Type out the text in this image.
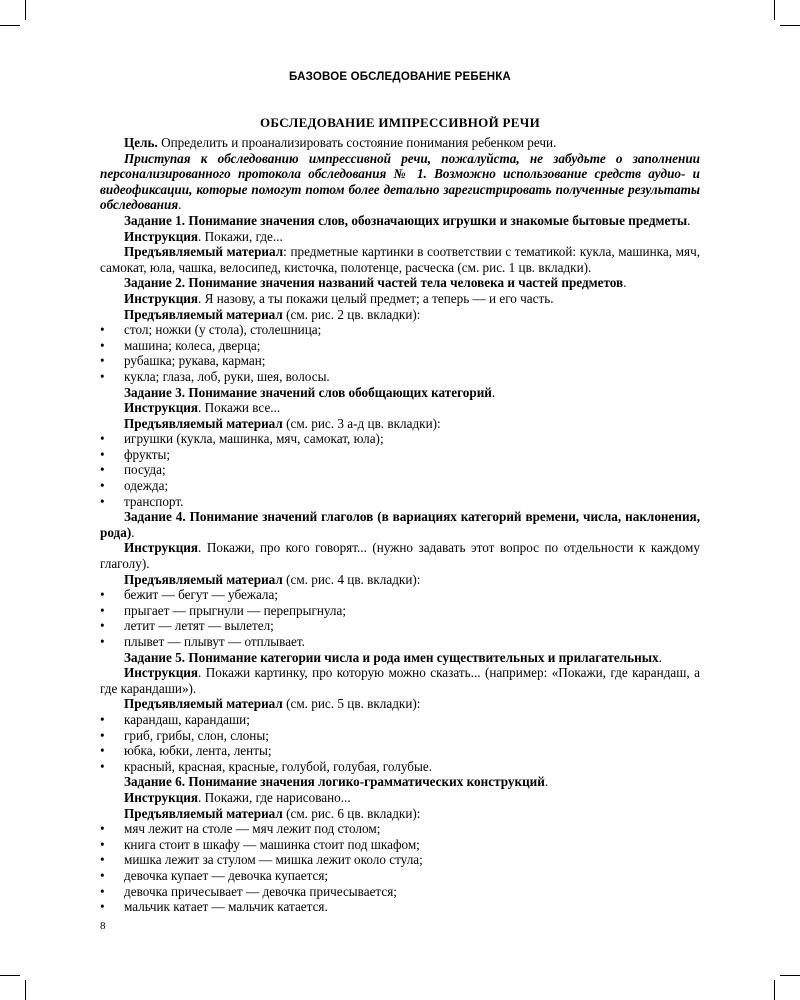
БАЗОВОЕ ОБСЛЕДОВАНИЕ РЕБЕНКА
ОБСЛЕДОВАНИЕ ИМПРЕССИВНОЙ РЕЧИ

Цель. Определить и проанализировать состояние понимания ребенком речи.

Приступая к обследованию импрессивной речи, пожалуйста, не забудьте о заполнении персонализированного протокола обследования № 1. Возможно использование средств аудио- и видеофиксации, которые помогут потом более детально зарегистрировать полученные результаты обследования.

Задание 1. Понимание значения слов, обозначающих игрушки и знакомые бытовые предметы.

Инструкция. Покажи, где...

Предъявляемый материал: предметные картинки в соответствии с тематикой: кукла, машинка, мяч, самокат, юла, чашка, велосипед, кисточка, полотенце, расческа (см. рис. 1 цв. вкладки).

Задание 2. Понимание значения названий частей тела человека и частей предметов.

Инструкция. Я назову, а ты покажи целый предмет; а теперь — и его часть.

Предъявляемый материал (см. рис. 2 цв. вкладки):

• стол; ножки (у стола), столешница;
• машина; колеса, дверца;
• рубашка; рукава, карман;
• кукла; глаза, лоб, руки, шея, волосы.

Задание 3. Понимание значений слов обобщающих категорий.

Инструкция. Покажи все...

Предъявляемый материал (см. рис. 3 а-д цв. вкладки):

• игрушки (кукла, машинка, мяч, самокат, юла);
• фрукты;
• посуда;
• одежда;
• транспорт.

Задание 4. Понимание значений глаголов (в вариациях категорий времени, числа, наклонения, рода).

Инструкция. Покажи, про кого говорят... (нужно задавать этот вопрос по отдельности к каждому глаголу).

Предъявляемый материал (см. рис. 4 цв. вкладки):

• бежит — бегут — убежала;
• прыгает — прыгнули — перепрыгнула;
• летит — летят — вылетел;
• плывет — плывут — отплывает.

Задание 5. Понимание категории числа и рода имен существительных и прилагательных.

Инструкция. Покажи картинку, про которую можно сказать... (например: «Покажи, где карандаш, а где карандаши»).

Предъявляемый материал (см. рис. 5 цв. вкладки):

• карандаш, карандаши;
• гриб, грибы, слон, слоны;
• юбка, юбки, лента, ленты;
• красный, красная, красные, голубой, голубая, голубые.

Задание 6. Понимание значения логико-грамматических конструкций.

Инструкция. Покажи, где нарисовано...

Предъявляемый материал (см. рис. 6 цв. вкладки):

• мяч лежит на столе — мяч лежит под столом;
• книга стоит в шкафу — машинка стоит под шкафом;
• мишка лежит за стулом — мишка лежит около стула;
• девочка купает — девочка купается;
• девочка причесывает — девочка причесывается;
• мальчик катает — мальчик катается.
8
